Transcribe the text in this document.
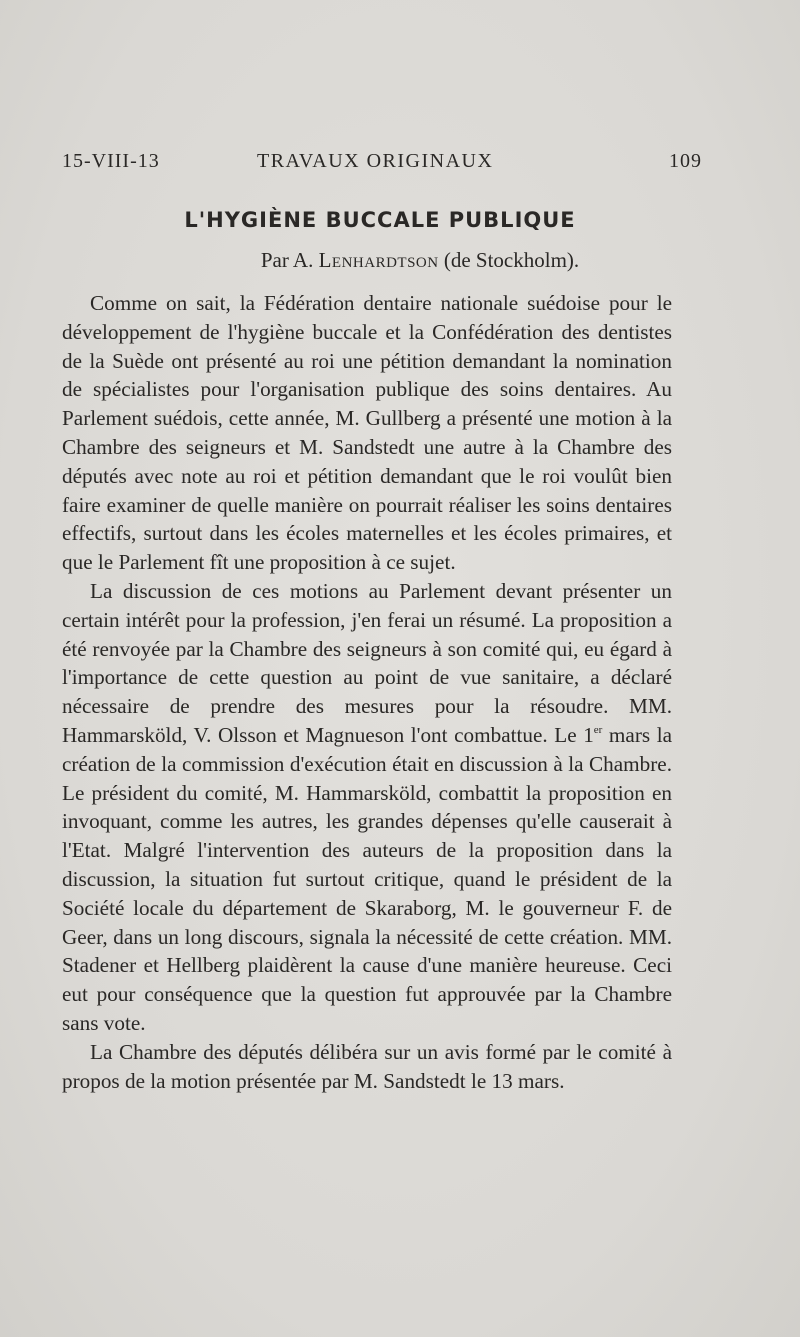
15-VIII-13	TRAVAUX ORIGINAUX	109
L'HYGIÈNE BUCCALE PUBLIQUE
Par A. Lenhardtson (de Stockholm).

Comme on sait, la Fédération dentaire nationale suédoise pour le développement de l'hygiène buccale et la Confédération des dentistes de la Suède ont présenté au roi une pétition demandant la nomination de spécialistes pour l'organisation publique des soins dentaires. Au Parlement suédois, cette année, M. Gullberg a présenté une motion à la Chambre des seigneurs et M. Sandstedt une autre à la Chambre des députés avec note au roi et pétition demandant que le roi voulût bien faire examiner de quelle manière on pourrait réaliser les soins dentaires effectifs, surtout dans les écoles maternelles et les écoles primaires, et que le Parlement fît une proposition à ce sujet.

La discussion de ces motions au Parlement devant présenter un certain intérêt pour la profession, j'en ferai un résumé. La proposition a été renvoyée par la Chambre des seigneurs à son comité qui, eu égard à l'importance de cette question au point de vue sanitaire, a déclaré nécessaire de prendre des mesures pour la résoudre. MM. Hammarsköld, V. Olsson et Magnueson l'ont combattue. Le 1er mars la création de la commission d'exécution était en discussion à la Chambre. Le président du comité, M. Hammarsköld, combattit la proposition en invoquant, comme les autres, les grandes dépenses qu'elle causerait à l'Etat. Malgré l'intervention des auteurs de la proposition dans la discussion, la situation fut surtout critique, quand le président de la Société locale du département de Skaraborg, M. le gouverneur F. de Geer, dans un long discours, signala la nécessité de cette création. MM. Stadener et Hellberg plaidèrent la cause d'une manière heureuse. Ceci eut pour conséquence que la question fut approuvée par la Chambre sans vote.

La Chambre des députés délibéra sur un avis formé par le comité à propos de la motion présentée par M. Sandstedt le 13 mars.
